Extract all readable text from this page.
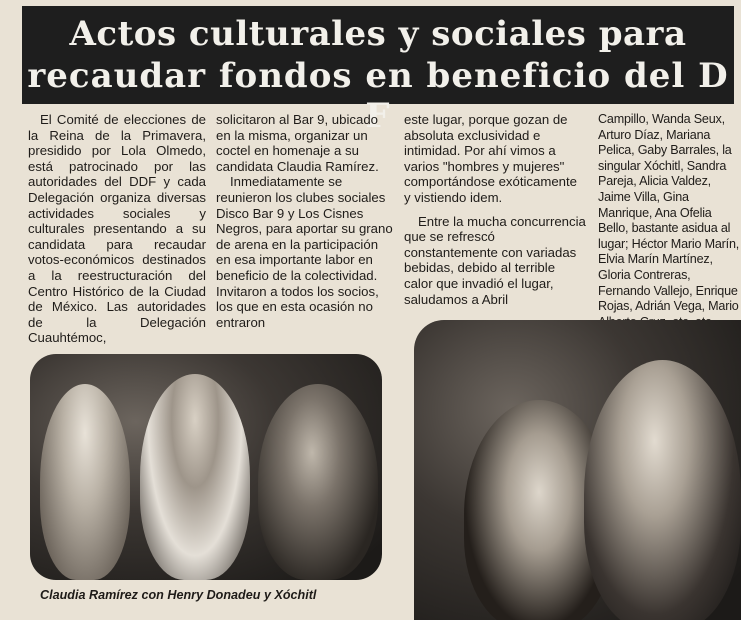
Actos culturales y sociales para
recaudar fondos en beneficio del D F

El Comité de elecciones de la Reina de la Primavera, presidido por Lola Olmedo, está patrocinado por las autoridades del DDF y cada Delegación organiza diversas actividades sociales y culturales presentando a su candidata para recaudar votos-económicos destinados a la reestructuración del Centro Histórico de la Ciudad de México. Las autoridades de la Delegación Cuauhtémoc,

solicitaron al Bar 9, ubicado en la misma, organizar un coctel en homenaje a su candidata Claudia Ramírez.

Inmediatamente se reunieron los clubes sociales Disco Bar 9 y Los Cisnes Negros, para aportar su grano de arena en la participación en esa importante labor en beneficio de la colectividad. Invitaron a todos los socios, los que en esta ocasión no entraron

este lugar, porque gozan de absoluta exclusividad e intimidad. Por ahí vimos a varios "hombres y mujeres" comportándose exóticamente y vistiendo idem.

Entre la mucha concurrencia que se refrescó constantemente con variadas bebidas, debido al terrible calor que invadió el lugar, saludamos a Abril

Campillo, Wanda Seux, Arturo Díaz, Mariana Pelica, Gaby Barrales, la singular Xóchitl, Sandra Pareja, Alicia Valdez, Jaime Villa, Gina Manrique, Ana Ofelia Bello, bastante asidua al lugar; Héctor Mario Marín, Elvia Marín Martínez, Gloria Contreras, Fernando Vallejo, Enrique Rojas, Adrián Vega, Mario

Claudia Ramírez con Henry Donadeu y Xóchitl
